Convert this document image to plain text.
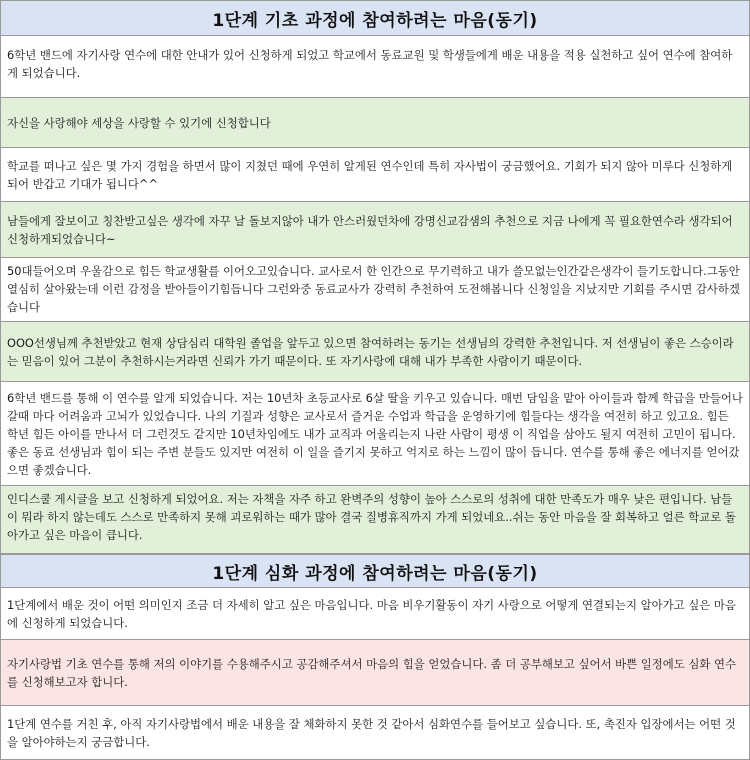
1단계 기초 과정에 참여하려는 마음(동기)

6학년 밴드에 자기사랑 연수에 대한 안내가 있어 신청하게 되었고 학교에서 동료교원 및 학생들에게 배운 내용을 적용 실천하고 싶어 연수에 참여하게 되었습니다.

자신을 사랑해야 세상을 사랑할 수 있기에 신청합니다

학교를 떠나고 싶은 몇 가지 경험을 하면서 많이 지쳤던 때에 우연히 알게된 연수인데 특히 자사법이 궁금했어요. 기회가 되지 않아 미루다 신청하게되어 반갑고 기대가 됩니다^^

남들에게 잘보이고 칭찬받고싶은 생각에 자꾸 날 돌보지않아 내가 안스러웠던차에 강명신교감샘의 추천으로 지금 나에게 꼭 필요한연수라 생각되어 신청하게되었습니다~

50대들어오며 우울감으로 힘든 학교생활를 이어오고있습니다. 교사로서 한 인간으로 무기력하고 내가 쓸모없는인간같은생각이 들기도합니다.그동안 열심히 살아왔는데 이런 감정을 받아들이기힘듭니다 그런와중 동료교사가 강력히 추천하여 도전해봅니다 신청일을 지났지만 기회를 주시면 감사하겠습니다

OOO선생님께 추천받았고 현재 상담심리 대학원 졸업을 앞두고 있으면 참여하려는 동기는 선생님의 강력한 추천입니다. 저 선생님이 좋은 스승이라는 믿음이 있어 그분이 추천하시는거라면 신뢰가 가기 때문이다. 또 자기사랑에 대해 내가 부족한 사람이기 때문이다.

6학년 밴드를 통해 이 연수를 알게 되었습니다. 저는 10년차 초등교사로 6살 딸을 키우고 있습니다. 매번 담임을 맡아 아이들과 함께 학급을 만들어나갈때 마다 어려움과 고뇌가 있었습니다. 나의 기질과 성향은 교사로서 즐거운 수업과 학급을 운영하기에 힘들다는 생각을 여전히 하고 있고요. 힘든 학년 힘든 아이를 만나서 더 그런것도 같지만 10년차임에도 내가 교직과 어울리는지 나란 사람이 평생 이 직업을 삼아도 될지 여전히 고민이 됩니다. 좋은 동료 선생님과 힘이 되는 주변 분들도 있지만 여전히 이 일을 즐기지 못하고 억지로 하는 느낌이 많이 듭니다. 연수를 통해 좋은 에너지를 얻어갔으면 좋겠습니다.

인디스쿨 게시글을 보고 신청하게 되었어요. 저는 자책을 자주 하고 완벽주의 성향이 높아 스스로의 성취에 대한 만족도가 매우 낮은 편입니다. 남들이 뭐라 하지 않는데도 스스로 만족하지 못해 괴로워하는 때가 많아 결국 질병휴직까지 가게 되었네요..쉬는 동안 마음을 잘 회복하고 얼른 학교로 돌아가고 싶은 마음이 큽니다.

1단계 심화 과정에 참여하려는 마음(동기)

1단계에서 배운 것이 어떤 의미인지 조금 더 자세히 알고 싶은 마음입니다. 마음 비우기활동이 자기 사랑으로 어떻게 연결되는지 알아가고 싶은 마음에 신청하게 되었습니다.

자기사랑법 기초 연수를 통해 저의 이야기를 수용해주시고 공감해주셔서 마음의 힘을 얻었습니다. 좀 더 공부해보고 싶어서 바쁜 일정에도 심화 연수를 신청해보고자 합니다.

1단계 연수를 거친 후, 아직 자기사랑법에서 배운 내용을 잘 체화하지 못한 것 같아서 심화연수를 들어보고 싶습니다. 또, 촉진자 입장에서는 어떤 것을 알아야하는지 궁금합니다.
